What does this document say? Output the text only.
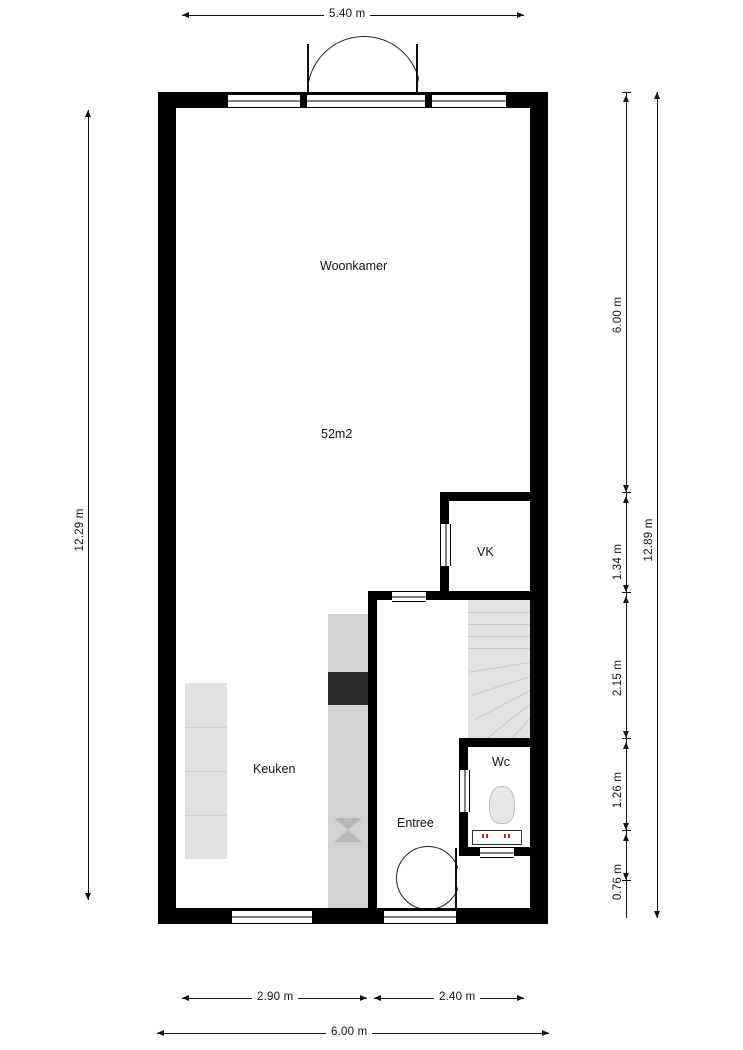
5.40 m
12.29 m	12.89 m
6.00 m
1.34 m
2.15 m
1.26 m
0.76 m
2.90 m	2.40 m
6.00 m
Woonkamer
52m2
Keuken
Entree
VK
Wc
